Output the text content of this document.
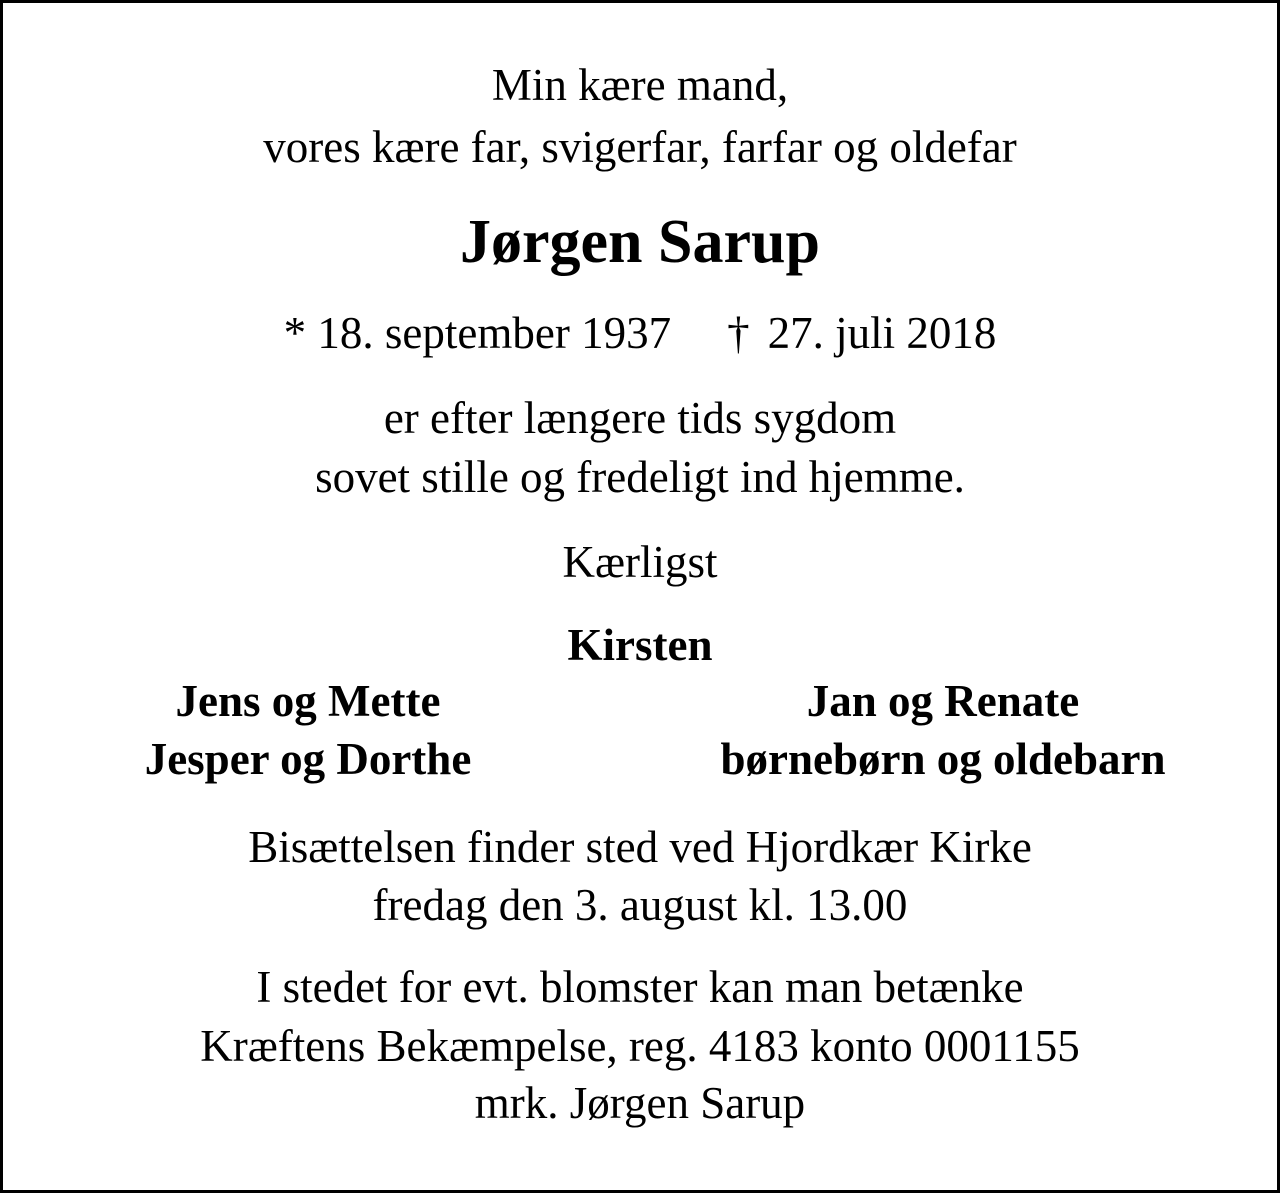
Min kære mand,
vores kære far, svigerfar, farfar og oldefar
Jørgen Sarup
* 18. september 1937 † 27. juli 2018
er efter længere tids sygdom
sovet stille og fredeligt ind hjemme.
Kærligst
Kirsten
Jens og Mette
Jesper og Dorthe
Jan og Renate
børnebørn og oldebarn
Bisættelsen finder sted ved Hjordkær Kirke
fredag den 3. august kl. 13.00
I stedet for evt. blomster kan man betænke
Kræftens Bekæmpelse, reg. 4183 konto 0001155
mrk. Jørgen Sarup
